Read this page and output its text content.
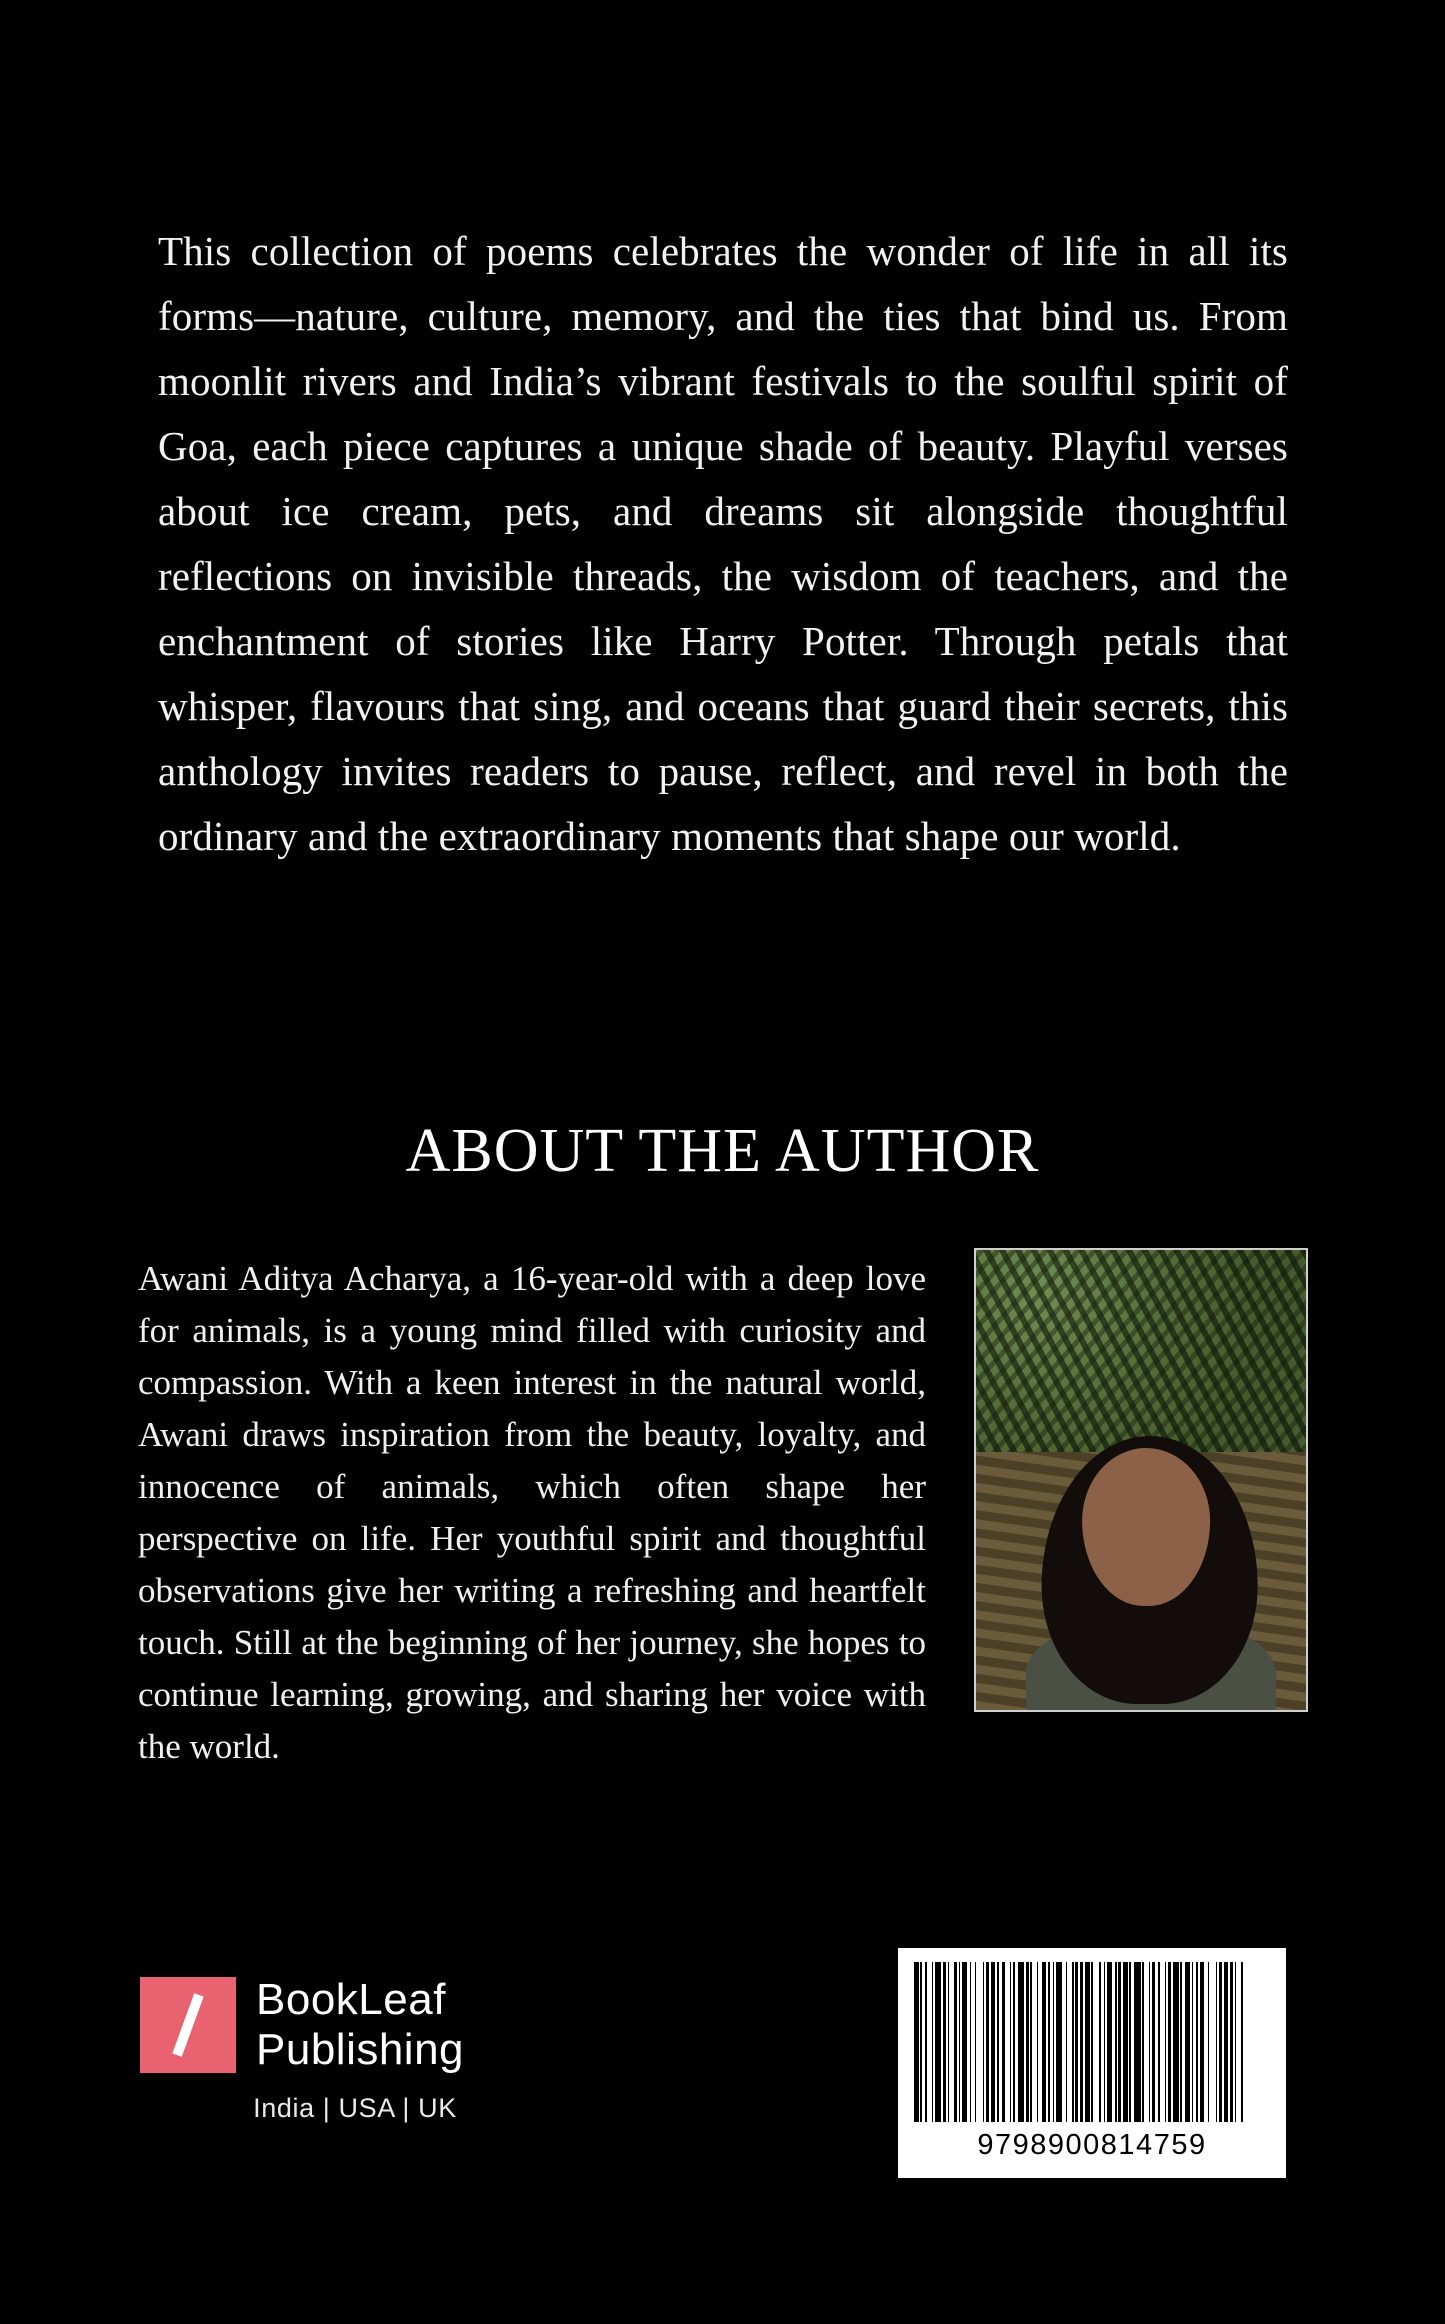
This collection of poems celebrates the wonder of life in all its forms—nature, culture, memory, and the ties that bind us. From moonlit rivers and India’s vibrant festivals to the soulful spirit of Goa, each piece captures a unique shade of beauty. Playful verses about ice cream, pets, and dreams sit alongside thoughtful reflections on invisible threads, the wisdom of teachers, and the enchantment of stories like Harry Potter. Through petals that whisper, flavours that sing, and oceans that guard their secrets, this anthology invites readers to pause, reflect, and revel in both the ordinary and the extraordinary moments that shape our world.

ABOUT THE AUTHOR

Awani Aditya Acharya, a 16-year-old with a deep love for animals, is a young mind filled with curiosity and compassion. With a keen interest in the natural world, Awani draws inspiration from the beauty, loyalty, and innocence of animals, which often shape her perspective on life. Her youthful spirit and thoughtful observations give her writing a refreshing and heartfelt touch. Still at the beginning of her journey, she hopes to continue learning, growing, and sharing her voice with the world.

BookLeaf
Publishing
India | USA | UK
9798900814759
